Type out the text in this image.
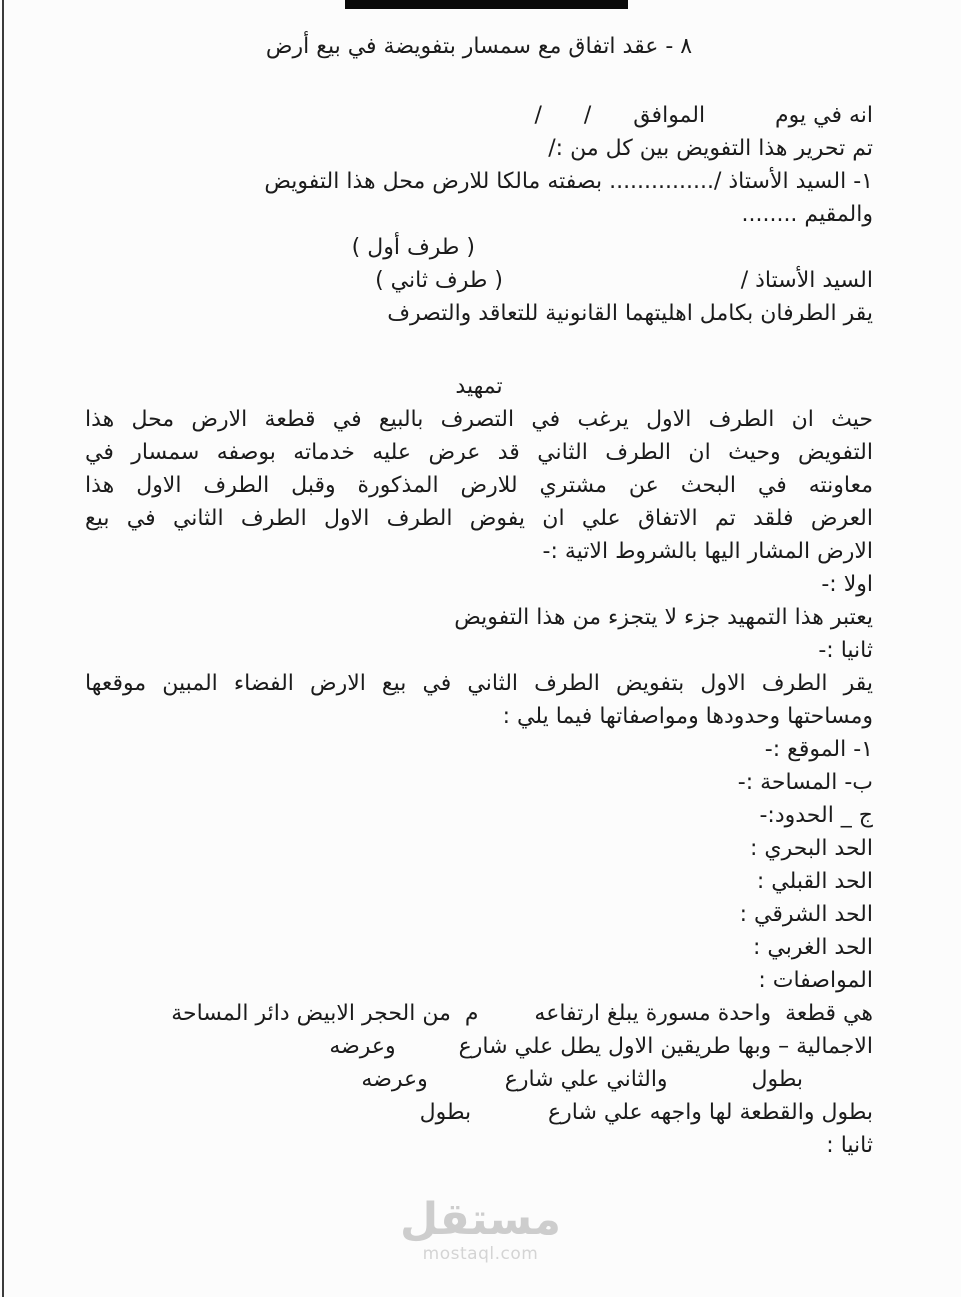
٨ - عقد اتفاق مع سمسار بتفويضة في بيع أرض
انه في يوم          الموافق      /      /
تم تحرير هذا التفويض بين كل من :/
١- السيد الأستاذ /............... بصفته مالكا للارض محل هذا التفويض
والمقيم ........
( طرف أول )
السيد الأستاذ /                                  ( طرف ثاني )
يقر الطرفان بكامل اهليتهما القانونية للتعاقد والتصرف
تمهيد
حيث ان الطرف الاول يرغب في التصرف بالبيع في قطعة الارض محل هذا
التفويض وحيث ان الطرف الثاني قد عرض عليه خدماته بوصفه سمسار في
معاونته في البحث عن مشتري للارض المذكورة وقبل الطرف الاول هذا
العرض فلقد تم الاتفاق علي ان يفوض الطرف الاول الطرف الثاني في بيع
الارض المشار اليها بالشروط الاتية :-
اولا :-
يعتبر هذا التمهيد جزء لا يتجزء من هذا التفويض
ثانيا :-
يقر الطرف الاول بتفويض الطرف الثاني في بيع الارض الفضاء المبين موقعها
ومساحتها وحدودها ومواصفاتها فيما يلي :
١- الموقع :-
ب- المساحة :-
ج _ الحدود:-
الحد البحري :
الحد القبلي :
الحد الشرقي :
الحد الغربي :
المواصفات :
هي قطعة  واحدة مسورة يبلغ ارتفاعه        م  من الحجر الابيض دائر المساحة
الاجمالية – وبها طريقين الاول يطل علي شارع         وعرضه
بطول            والثاني علي شارع           وعرضه
بطول والقطعة لها واجهه علي شارع           بطول
ثانيا :
مستقل
mostaql.com
